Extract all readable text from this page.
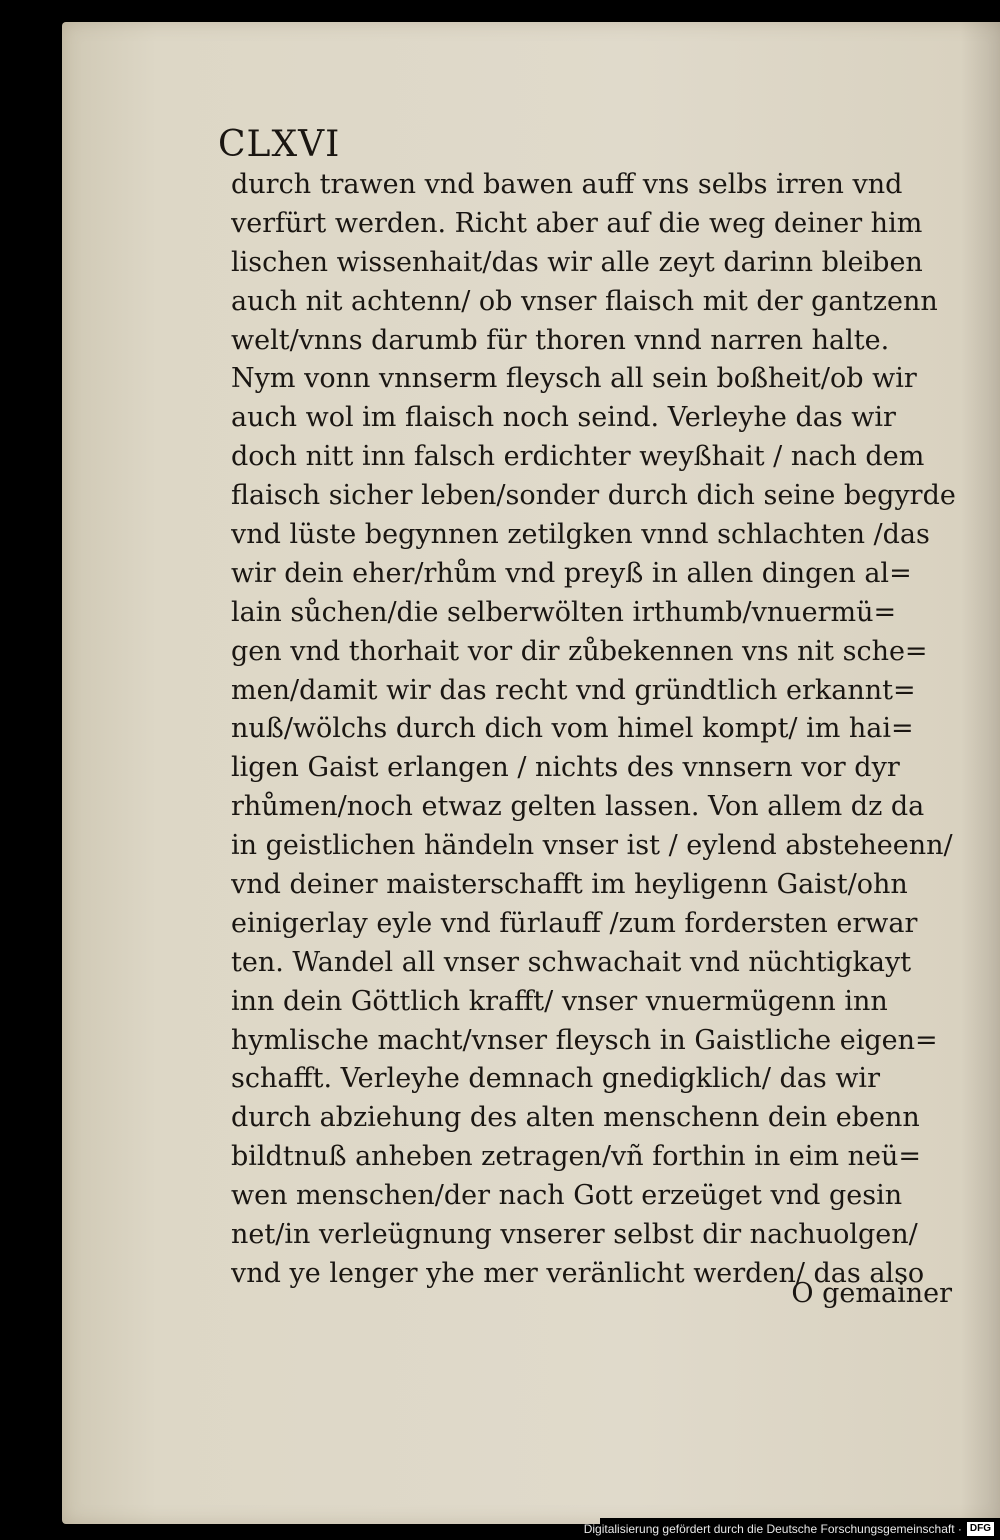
CLXVI
durch trawen vnd bawen auff vns selbs irren vnd
verfürt werden. Richt aber auf die weg deiner him
lischen wissenhait/das wir alle zeyt darinn bleiben
auch nit achtenn/ ob vnser flaisch mit der gantzenn
welt/vnns darumb für thoren vnnd narren halte.
Nym vonn vnnserm fleysch all sein boßheit/ob wir
auch wol im flaisch noch seind. Verleyhe das wir
doch nitt inn falsch erdichter weyßhait / nach dem
flaisch sicher leben/sonder durch dich seine begyrde
vnd lüste begynnen zetilgken vnnd schlachten /das
wir dein eher/rhům vnd preyß in allen dingen al=
lain sůchen/die selberwölten irthumb/vnuermü=
gen vnd thorhait vor dir zůbekennen vns nit sche=
men/damit wir das recht vnd gründtlich erkannt=
nuß/wölchs durch dich vom himel kompt/ im hai=
ligen Gaist erlangen / nichts des vnnsern vor dyr
rhůmen/noch etwaz gelten lassen. Von allem dz da
in geistlichen händeln vnser ist / eylend absteheenn/
vnd deiner maisterschafft im heyligenn Gaist/ohn
einigerlay eyle vnd fürlauff /zum fordersten erwar
ten. Wandel all vnser schwachait vnd nüchtigkayt
inn dein Göttlich krafft/ vnser vnuermügenn inn
hymlische macht/vnser fleysch in Gaistliche eigen=
schafft. Verleyhe demnach gnedigklich/ das wir
durch abziehung des alten menschenn dein ebenn
bildtnuß anheben zetragen/vñ forthin in eim neü=
wen menschen/der nach Gott erzeüget vnd gesin
net/in verleügnung vnserer selbst dir nachuolgen/
vnd ye lenger yhe mer veränlicht werden/ das also
O gemainer
Digitalisierung gefördert durch die Deutsche Forschungsgemeinschaft · DFG
